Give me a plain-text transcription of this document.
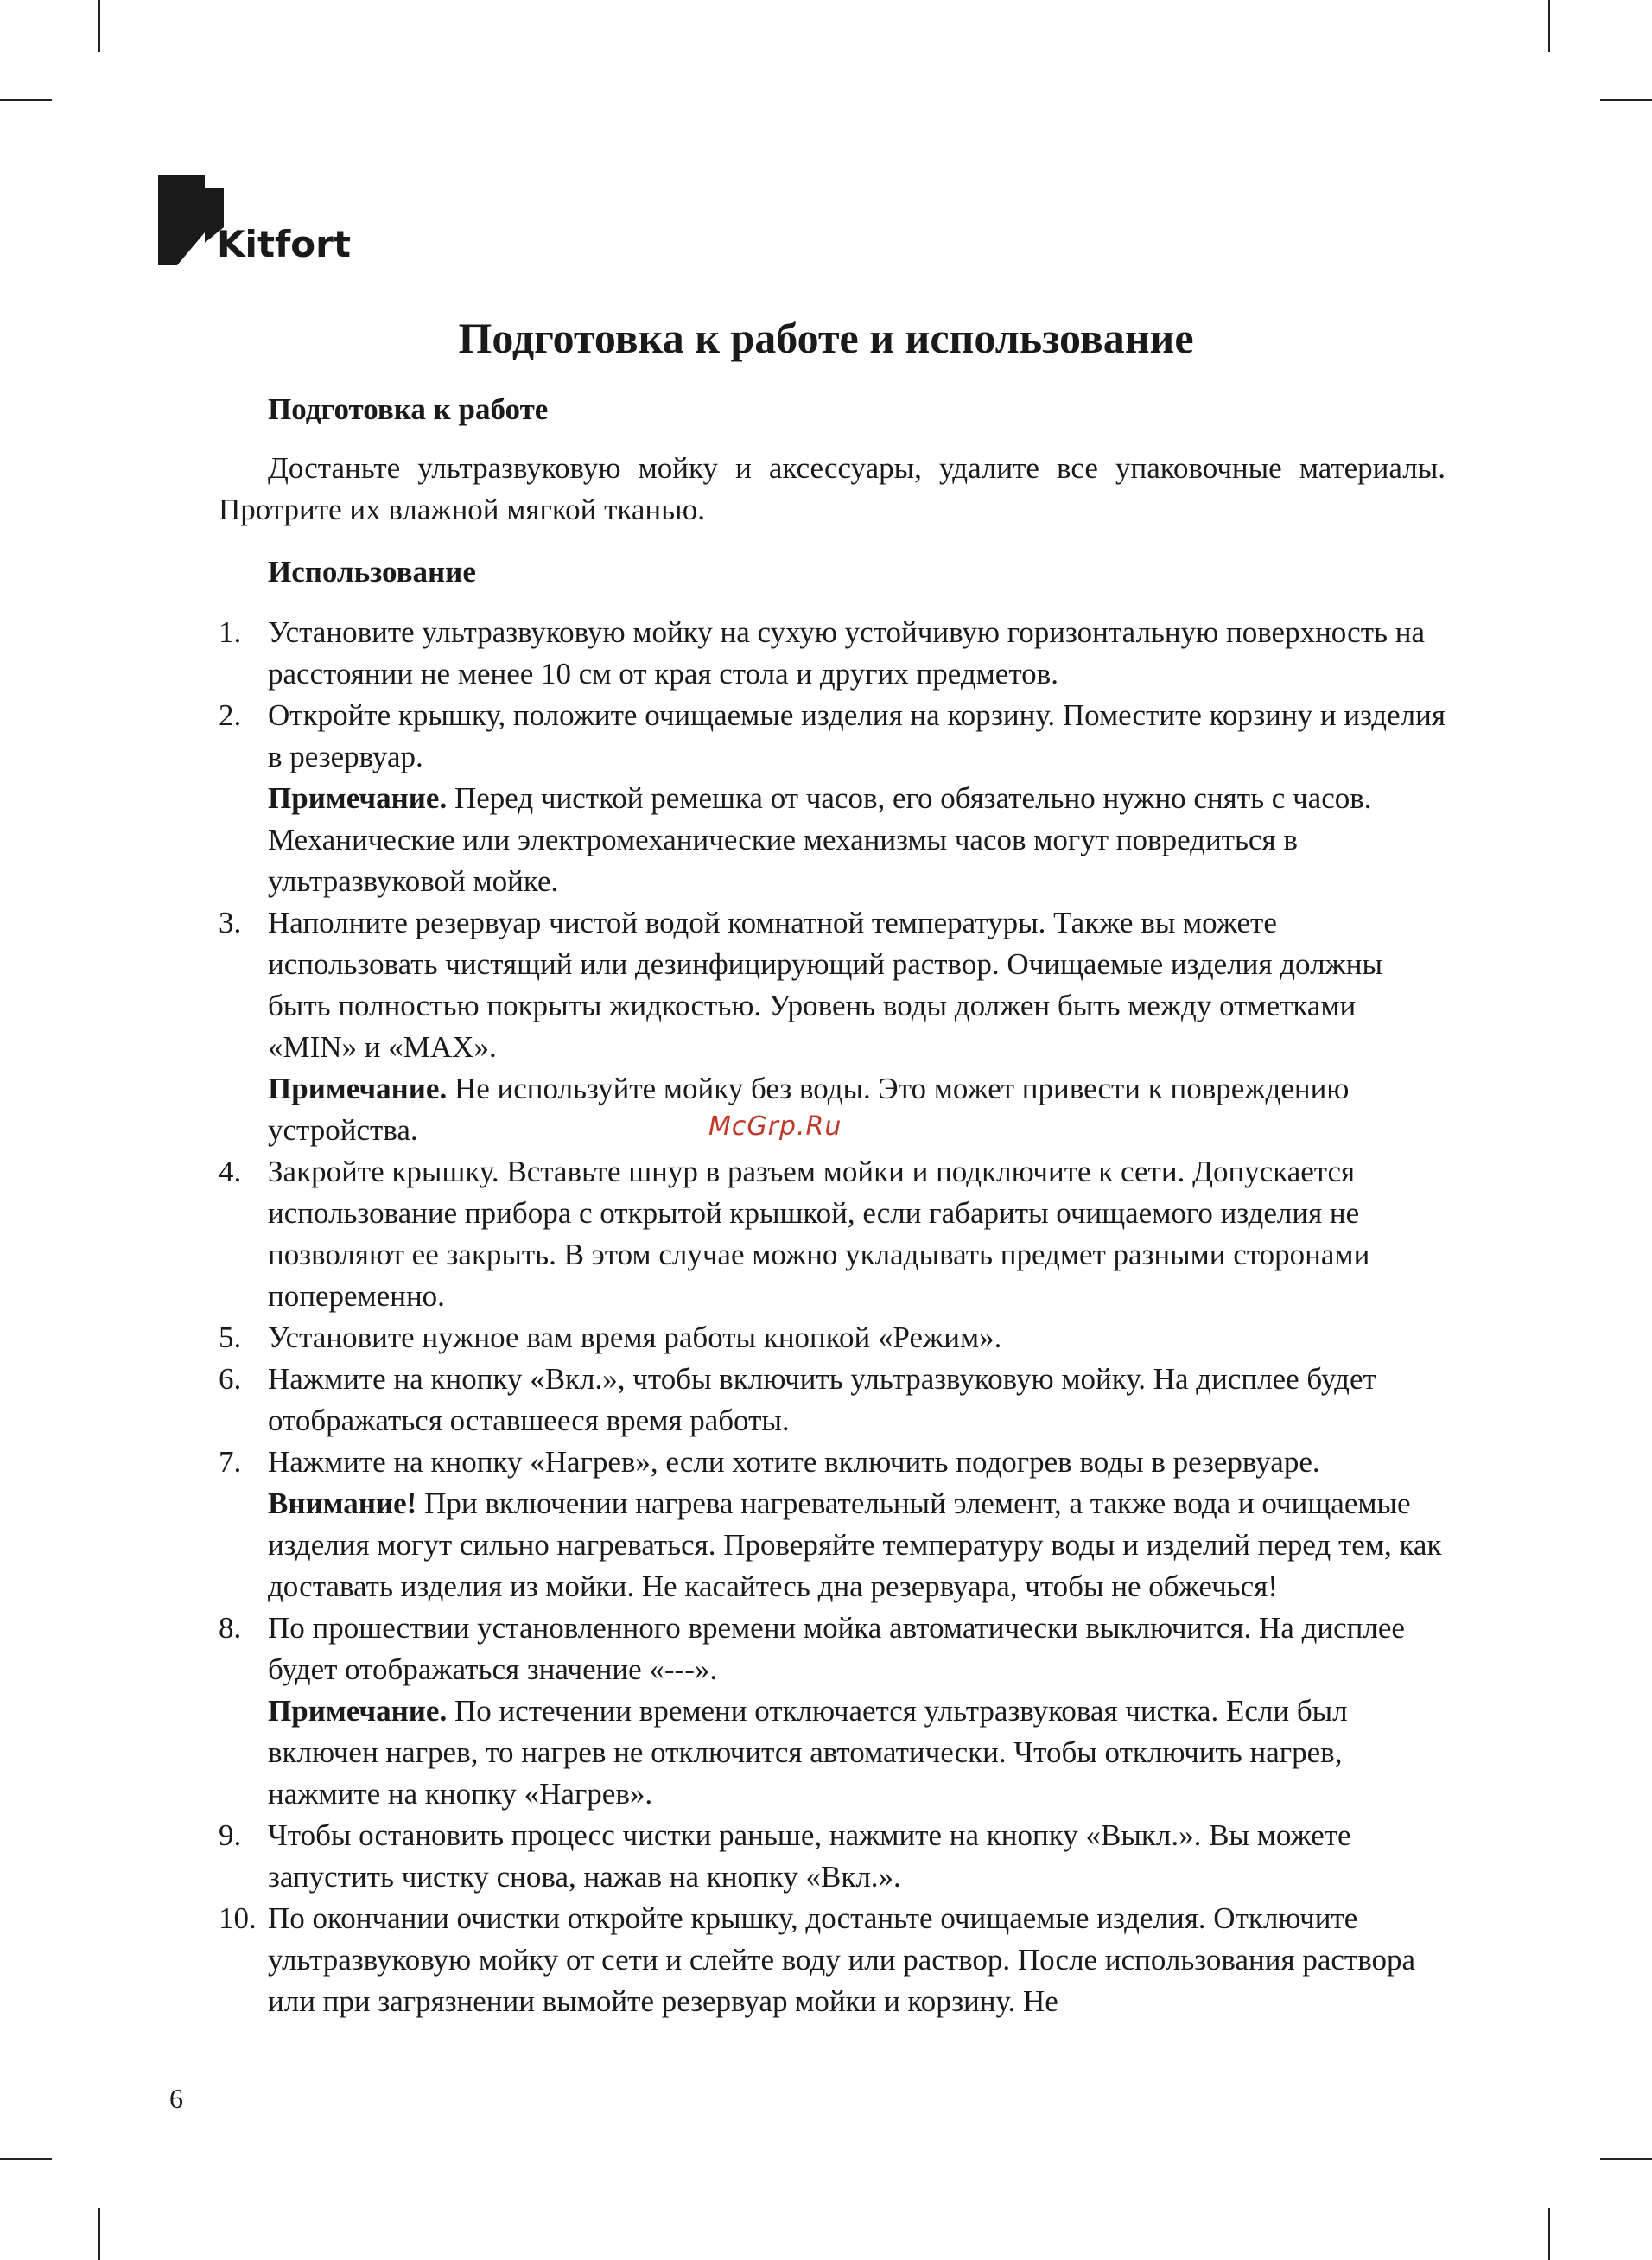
Kitfort
Подготовка к работе и использование

Подготовка к работе

Достаньте ультразвуковую мойку и аксессуары, удалите все упаковочные материалы. Протрите их влажной мягкой тканью.

Использование

1. Установите ультразвуковую мойку на сухую устойчивую горизонтальную поверхность на расстоянии не менее 10 см от края стола и других предметов.

2. Откройте крышку, положите очищаемые изделия на корзину. Поместите корзину и изделия в резервуар.

Примечание. Перед чисткой ремешка от часов, его обязательно нужно снять с часов. Механические или электромеханические механизмы часов могут повредиться в ультразвуковой мойке.

3. Наполните резервуар чистой водой комнатной температуры. Также вы можете использовать чистящий или дезинфицирующий раствор. Очищаемые изделия должны быть полностью покрыты жидкостью. Уровень воды должен быть между отметками «MIN» и «MAX».

Примечание. Не используйте мойку без воды. Это может привести к повреждению устройства.

4. Закройте крышку. Вставьте шнур в разъем мойки и подключите к сети. Допускается использование прибора с открытой крышкой, если габариты очищаемого изделия не позволяют ее закрыть. В этом случае можно укладывать предмет разными сторонами попеременно.

5. Установите нужное вам время работы кнопкой «Режим».

6. Нажмите на кнопку «Вкл.», чтобы включить ультразвуковую мойку. На дисплее будет отображаться оставшееся время работы.

7. Нажмите на кнопку «Нагрев», если хотите включить подогрев воды в резервуаре.

Внимание! При включении нагрева нагревательный элемент, а также вода и очищаемые изделия могут сильно нагреваться. Проверяйте температуру воды и изделий перед тем, как доставать изделия из мойки. Не касайтесь дна резервуара, чтобы не обжечься!

8. По прошествии установленного времени мойка автоматически выключится. На дисплее будет отображаться значение «---».

Примечание. По истечении времени отключается ультразвуковая чистка. Если был включен нагрев, то нагрев не отключится автоматически. Чтобы отключить нагрев, нажмите на кнопку «Нагрев».

9. Чтобы остановить процесс чистки раньше, нажмите на кнопку «Выкл.». Вы можете запустить чистку снова, нажав на кнопку «Вкл.».

10. По окончании очистки откройте крышку, достаньте очищаемые изделия. Отключите ультразвуковую мойку от сети и слейте воду или раствор. После использования раствора или при загрязнении вымойте резервуар мойки и корзину. Не

McGrp.Ru
6
